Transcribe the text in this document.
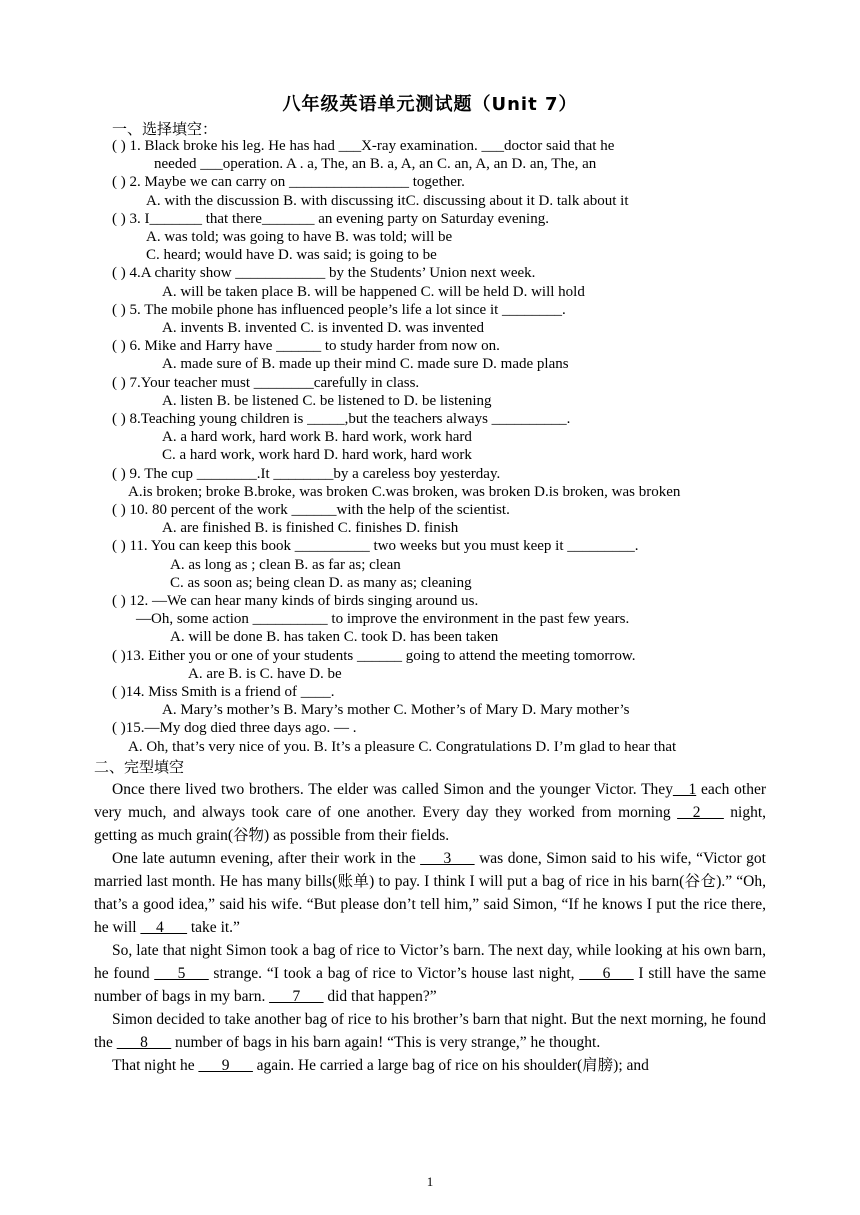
八年级英语单元测试题（Unit 7）
一、选择填空：
( ) 1. Black broke his leg. He has had ___X-ray examination. ___doctor said that he
needed ___operation. A . a, The, an B. a, A, an C. an, A, an D. an, The, an
( ) 2. Maybe we can carry on ________________ together.
A. with the discussion B. with discussing itC. discussing about it D. talk about it
( ) 3. I_______ that there_______ an evening party on Saturday evening.
A. was told; was going to have B. was told; will be
C. heard; would have D. was said; is going to be
( ) 4.A charity show ____________ by the Students’ Union next week.
A. will be taken place B. will be happened C. will be held D. will hold
( ) 5. The mobile phone has influenced people’s life a lot since it ________.
A. invents B. invented C. is invented D. was invented
( ) 6. Mike and Harry have ______ to study harder from now on.
A. made sure of B. made up their mind C. made sure D. made plans
( ) 7.Your teacher must ________carefully in class.
A. listen B. be listened C. be listened to D. be listening
( ) 8.Teaching young children is _____,but the teachers always __________.
A. a hard work, hard work B. hard work, work hard
C. a hard work, work hard D. hard work, hard work
( ) 9. The cup ________.It ________by a careless boy yesterday.
A.is broken; broke B.broke, was broken C.was broken, was broken D.is broken, was broken
( ) 10. 80 percent of the work ______with the help of the scientist.
A. are finished B. is finished C. finishes D. finish
( ) 11. You can keep this book __________ two weeks but you must keep it _________.
A. as long as ; clean B. as far as; clean
C. as soon as; being clean D. as many as; cleaning
( ) 12. —We can hear many kinds of birds singing around us.
—Oh, some action __________ to improve the environment in the past few years.
A. will be done B. has taken C. took D. has been taken
( )13. Either you or one of your students ______ going to attend the meeting tomorrow.
A. are B. is C. have D. be
( )14. Miss Smith is a friend of ____.
A. Mary’s mother’s B. Mary’s mother C. Mother’s of Mary D. Mary mother’s
( )15.—My dog died three days ago. — .
A. Oh, that’s very nice of you. B. It’s a pleasure C. Congratulations D. I’m glad to hear that
二、完型填空

Once there lived two brothers. The elder was called Simon and the younger Victor. They__1 each other very much, and always took care of one another. Every day they worked from morning __2___ night, getting as much grain(谷物) as possible from their fields.

One late autumn evening, after their work in the ___3___ was done, Simon said to his wife, “Victor got married last month. He has many bills(账单) to pay. I think I will put a bag of rice in his barn(谷仓).” “Oh, that’s a good idea,” said his wife. “But please don’t tell him,” said Simon, “If he knows I put the rice there, he will __4___ take it.”

So, late that night Simon took a bag of rice to Victor’s barn. The next day, while looking at his own barn, he found ___5___ strange. “I took a bag of rice to Victor’s house last night, ___6___ I still have the same number of bags in my barn. ___7___ did that happen?”

Simon decided to take another bag of rice to his brother’s barn that night. But the next morning, he found the ___8___ number of bags in his barn again! “This is very strange,” he thought.

That night he ___9___ again. He carried a large bag of rice on his shoulder(肩膀); and

1
